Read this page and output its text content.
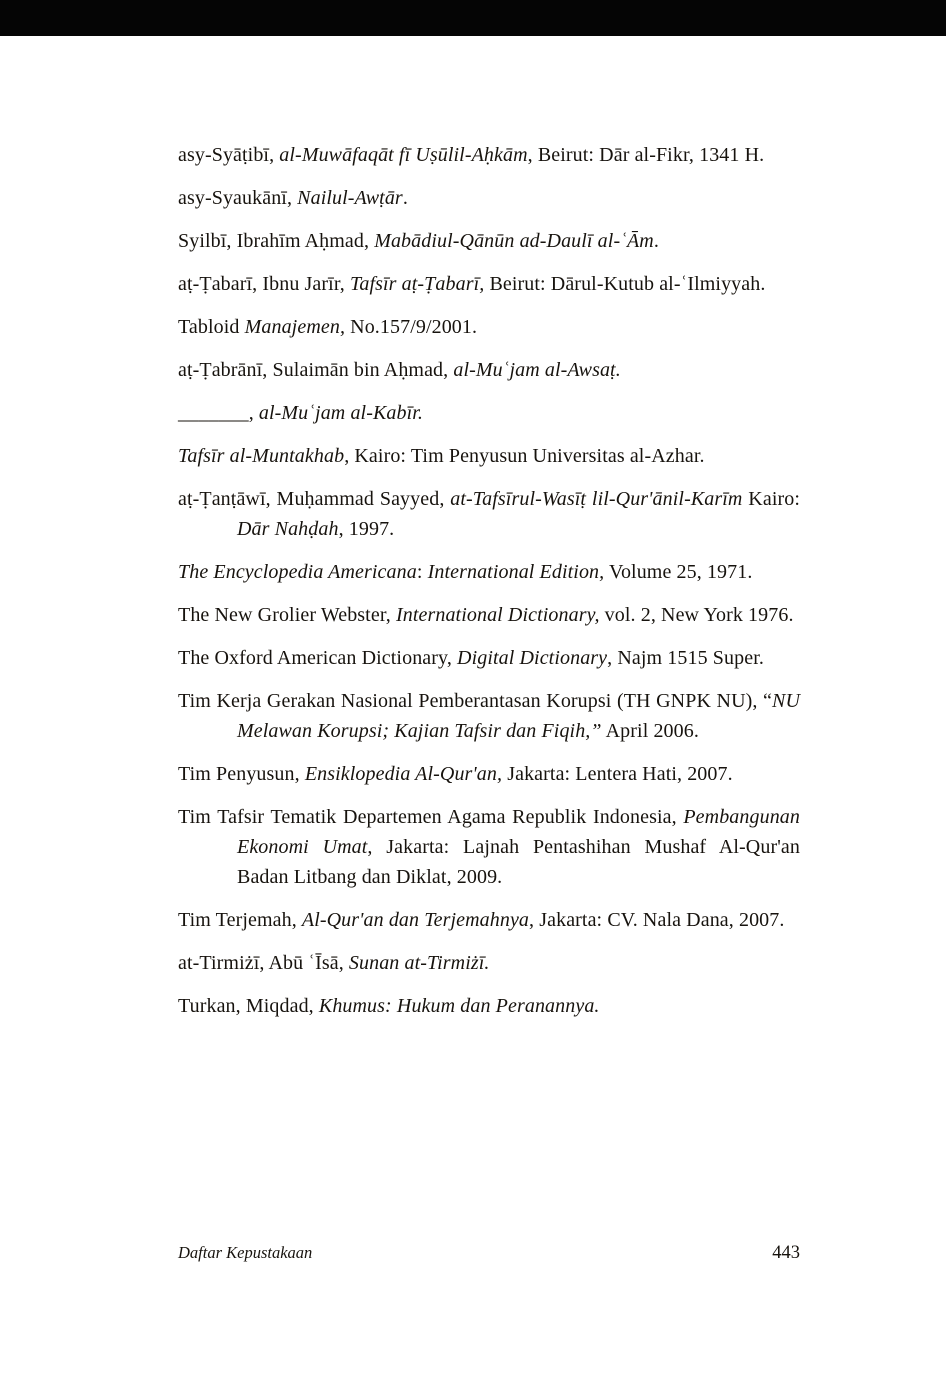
asy-Syāṭibī, al-Muwāfaqāt fī Uṣūlil-Aḥkām, Beirut: Dār al-Fikr, 1341 H.

asy-Syaukānī, Nailul-Awṭār.

Syilbī, Ibrahīm Aḥmad, Mabādiul-Qānūn ad-Daulī al-ʿĀm.

aṭ-Ṭabarī, Ibnu Jarīr, Tafsīr aṭ-Ṭabarī, Beirut: Dārul-Kutub al-ʿIlmiyyah.

Tabloid Manajemen, No.157/9/2001.

aṭ-Ṭabrānī, Sulaimān bin Aḥmad, al-Muʿjam al-Awsaṭ.

_______, al-Muʿjam al-Kabīr.

Tafsīr al-Muntakhab, Kairo: Tim Penyusun Universitas al-Azhar.

aṭ-Ṭanṭāwī, Muḥammad Sayyed, at-Tafsīrul-Wasīṭ lil-Qur'ānil-Karīm Kairo: Dār Nahḍah, 1997.

The Encyclopedia Americana: International Edition, Volume 25, 1971.

The New Grolier Webster, International Dictionary, vol. 2, New York 1976.

The Oxford American Dictionary, Digital Dictionary, Najm 1515 Super.

Tim Kerja Gerakan Nasional Pemberantasan Korupsi (TH GNPK NU), “NU Melawan Korupsi; Kajian Tafsir dan Fiqih,” April 2006.

Tim Penyusun, Ensiklopedia Al-Qur'an, Jakarta: Lentera Hati, 2007.

Tim Tafsir Tematik Departemen Agama Republik Indonesia, Pembangunan Ekonomi Umat, Jakarta: Lajnah Pentashihan Mushaf Al-Qur'an Badan Litbang dan Diklat, 2009.

Tim Terjemah, Al-Qur'an dan Terjemahnya, Jakarta: CV. Nala Dana, 2007.

at-Tirmiżī, Abū ʿĪsā, Sunan at-Tirmiżī.

Turkan, Miqdad, Khumus: Hukum dan Peranannya.

Daftar Kepustakaan	443
